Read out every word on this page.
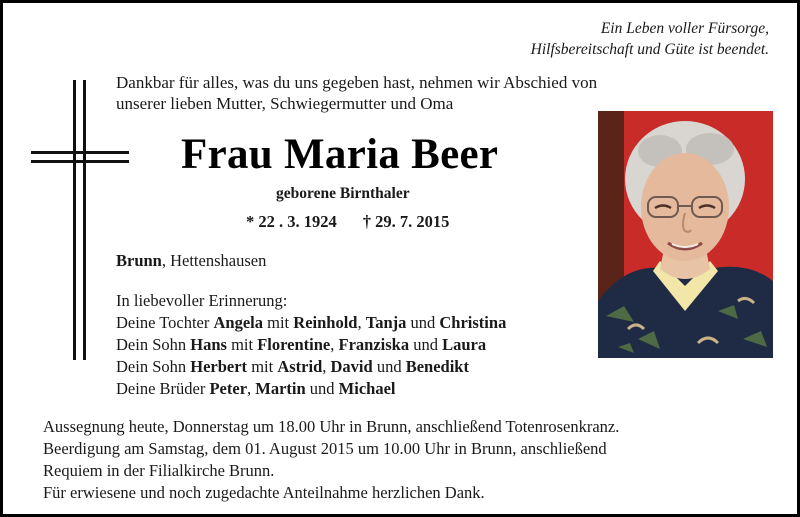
Ein Leben voller Fürsorge,
Hilfsbereitschaft und Güte ist beendet.
Dankbar für alles, was du uns gegeben hast, nehmen wir Abschied von
unserer lieben Mutter, Schwiegermutter und Oma
Frau Maria Beer
geborene Birnthaler
* 22 . 3. 1924 † 29. 7. 2015
Brunn, Hettenshausen
In liebevoller Erinnerung:
Deine Tochter Angela mit Reinhold, Tanja und Christina
Dein Sohn Hans mit Florentine, Franziska und Laura
Dein Sohn Herbert mit Astrid, David und Benedikt
Deine Brüder Peter, Martin und Michael
Aussegnung heute, Donnerstag um 18.00 Uhr in Brunn, anschließend Totenrosenkranz.
Beerdigung am Samstag, dem 01. August 2015 um 10.00 Uhr in Brunn, anschließend
Requiem in der Filialkirche Brunn.
Für erwiesene und noch zugedachte Anteilnahme herzlichen Dank.
